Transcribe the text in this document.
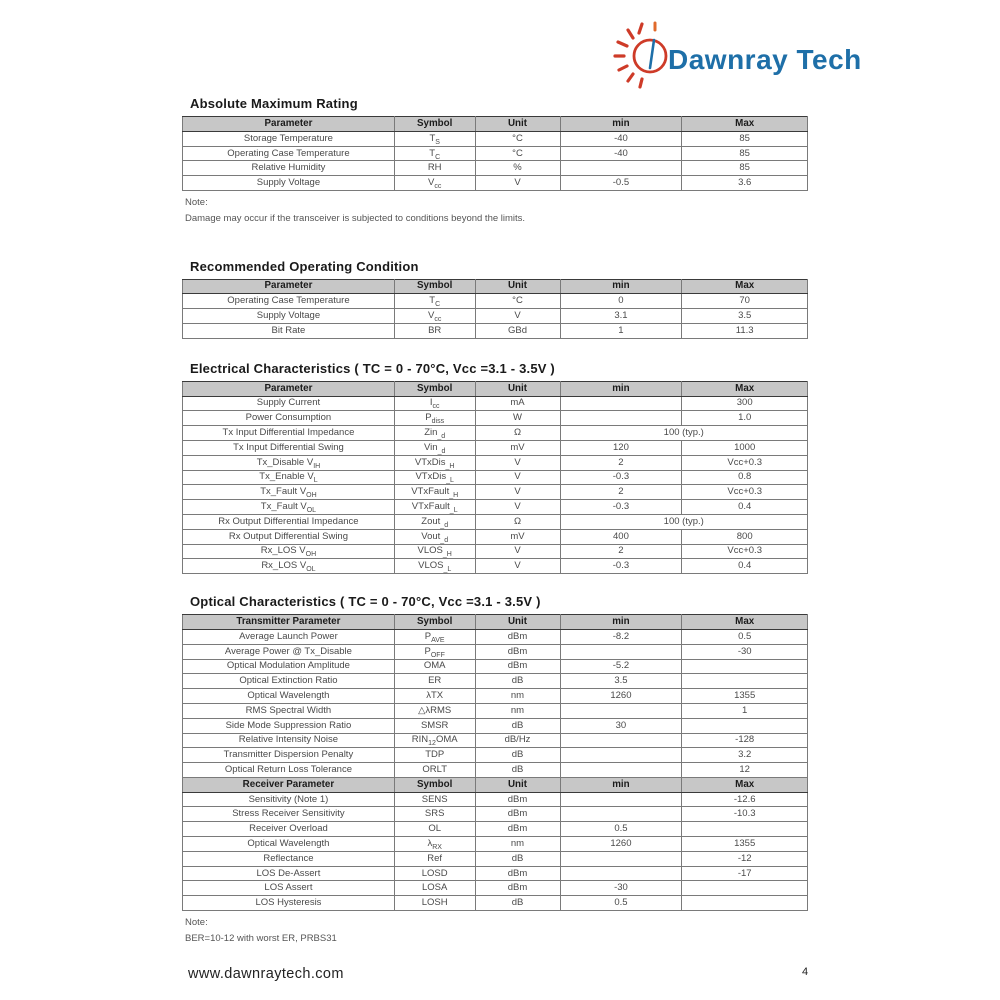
Dawnray Tech
Absolute Maximum Rating
Parameter	Symbol	Unit	min	Max
Storage Temperature	$T_S$	°C	-40	85
Operating Case Temperature	$T_C$	°C	-40	85
Relative Humidity	RH	%		85
Supply Voltage	$V_{cc}$	V	-0.5	3.6
Note:
Damage may occur if the transceiver is subjected to conditions beyond the limits.
Recommended Operating Condition
Parameter	Symbol	Unit	min	Max
Operating Case Temperature	$T_C$	°C	0	70
Supply Voltage	$V_{cc}$	V	3.1	3.5
Bit Rate	BR	GBd	1	11.3
Electrical Characteristics ( TC = 0 - 70°C, Vcc =3.1 - 3.5V )
Parameter	Symbol	Unit	min	Max
Supply Current	$I_{cc}$	mA		300
Power Consumption	$P_{diss}$	W		1.0
Tx Input Differential Impedance	Zin$_{\_d}$	Ω	100 (typ.)	
Tx Input Differential Swing	Vin$_{\_d}$	mV	120	1000
Tx_Disable $V_{IH}$	VTxDis$_{\_H}$	V	2	Vcc+0.3
Tx_Enable $V_L$	VTxDis$_{\_L}$	V	-0.3	0.8
Tx_Fault $V_{OH}$	VTxFault$_{\_H}$	V	2	Vcc+0.3
Tx_Fault $V_{OL}$	VTxFault$_{\_L}$	V	-0.3	0.4
Rx Output Differential Impedance	Zout$_{\_d}$	Ω	100 (typ.)	
Rx Output Differential Swing	Vout$_{\_d}$	mV	400	800
Rx_LOS $V_{OH}$	$VLOS_{\_H}$	V	2	Vcc+0.3
Rx_LOS $V_{OL}$	$VLOS_{\_L}$	V	-0.3	0.4
Optical Characteristics ( TC = 0 - 70°C, Vcc =3.1 - 3.5V )
Transmitter Parameter	Symbol	Unit	min	Max
Average Launch Power	$P_{AVE}$	dBm	-8.2	0.5
Average Power @ Tx_Disable	$P_{OFF}$	dBm		-30
Optical Modulation Amplitude	OMA	dBm	-5.2	
Optical Extinction Ratio	ER	dB	3.5	
Optical Wavelength	λTX	nm	1260	1355
RMS Spectral Width	△λRMS	nm		1
Side Mode Suppression Ratio	SMSR	dB	30	
Relative Intensity Noise	$RIN_{12}OMA$	dB/Hz		-128
Transmitter Dispersion Penalty	TDP	dB		3.2
Optical Return Loss Tolerance	ORLT	dB		12
Receiver Parameter	Symbol	Unit	min	Max
Sensitivity (Note 1)	SENS	dBm		-12.6
Stress Receiver Sensitivity	SRS	dBm		-10.3
Receiver Overload	OL	dBm	0.5	
Optical Wavelength	$\lambda_{RX}$	nm	1260	1355
Reflectance	Ref	dB		-12
LOS De-Assert	LOSD	dBm		-17
LOS Assert	LOSA	dBm	-30	
LOS Hysteresis	LOSH	dB	0.5	
Note:
BER=10-12 with worst ER, PRBS31
www.dawnraytech.com	4
